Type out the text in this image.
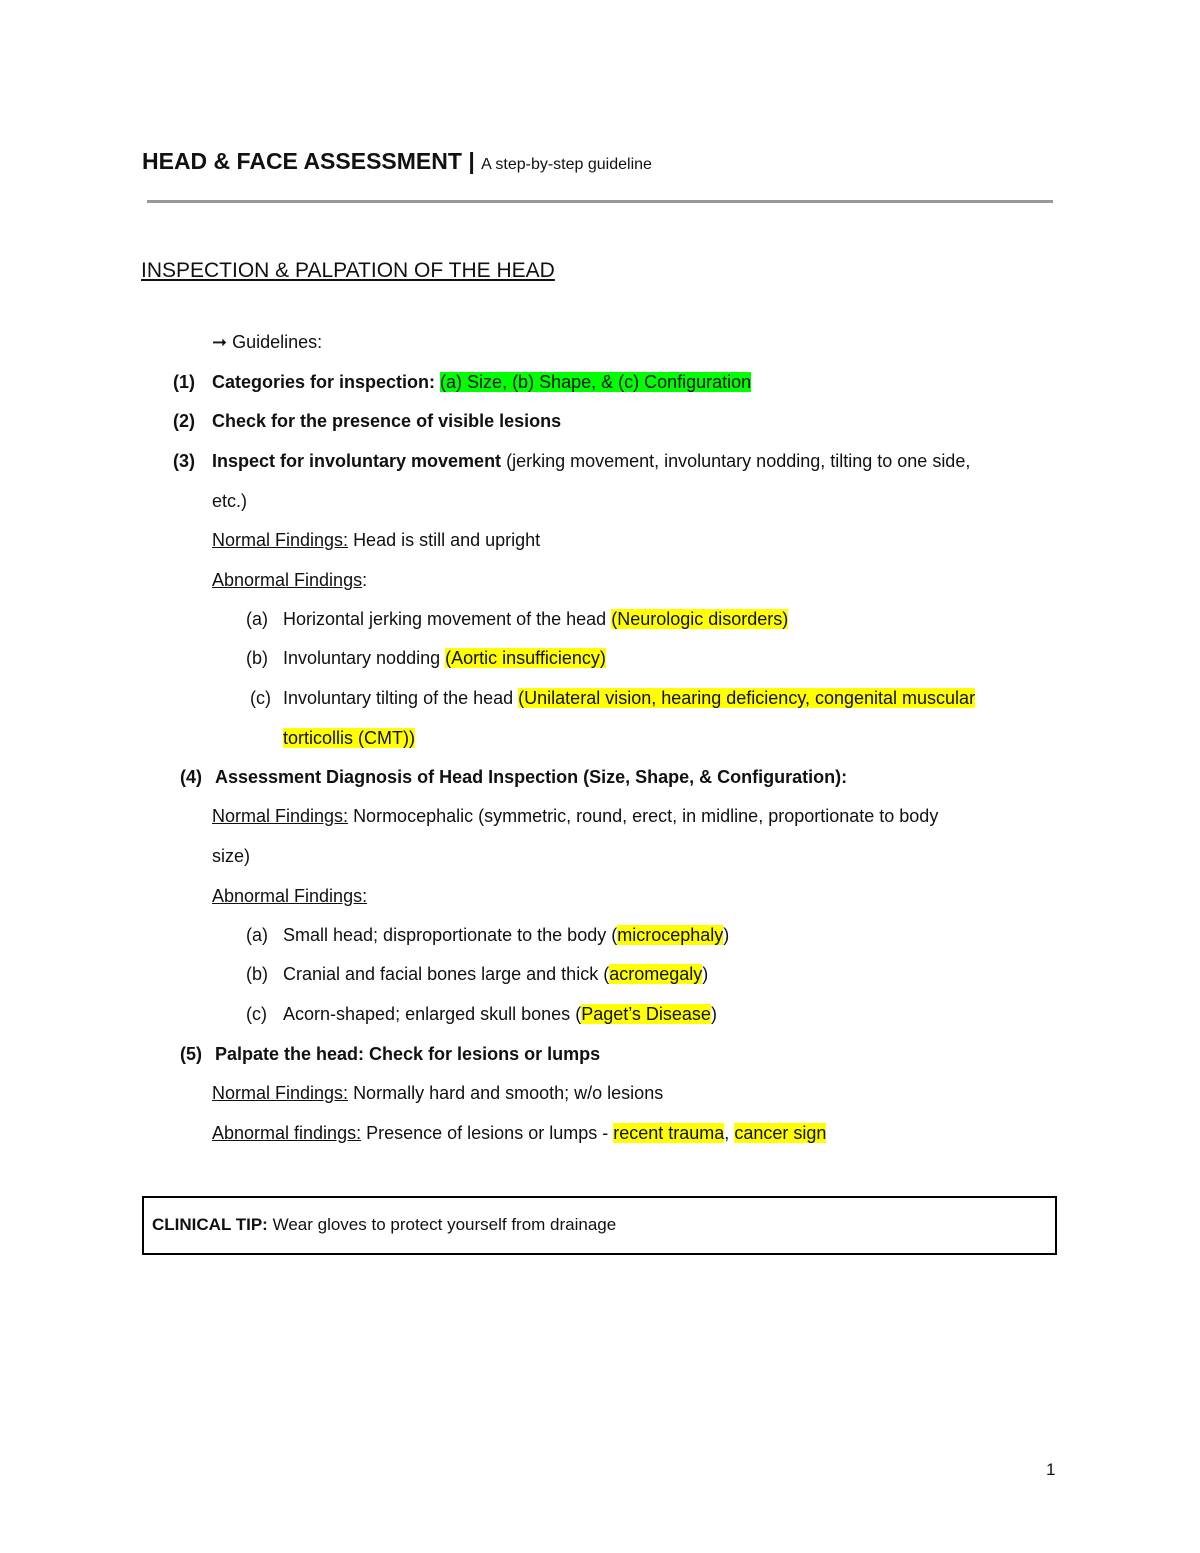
HEAD & FACE ASSESSMENT | A step-by-step guideline
INSPECTION & PALPATION OF THE HEAD
➞ Guidelines:
(1) Categories for inspection: (a) Size, (b) Shape, & (c) Configuration
(2) Check for the presence of visible lesions
(3) Inspect for involuntary movement (jerking movement, involuntary nodding, tilting to one side,
etc.)
Normal Findings: Head is still and upright
Abnormal Findings:
(a) Horizontal jerking movement of the head (Neurologic disorders)
(b) Involuntary nodding (Aortic insufficiency)
(c) Involuntary tilting of the head (Unilateral vision, hearing deficiency, congenital muscular
torticollis (CMT))
(4) Assessment Diagnosis of Head Inspection (Size, Shape, & Configuration):
Normal Findings: Normocephalic (symmetric, round, erect, in midline, proportionate to body
size)
Abnormal Findings:
(a) Small head; disproportionate to the body (microcephaly)
(b) Cranial and facial bones large and thick (acromegaly)
(c) Acorn-shaped; enlarged skull bones (Paget’s Disease)
(5) Palpate the head: Check for lesions or lumps
Normal Findings: Normally hard and smooth; w/o lesions
Abnormal findings: Presence of lesions or lumps - recent trauma, cancer sign
CLINICAL TIP: Wear gloves to protect yourself from drainage
1
